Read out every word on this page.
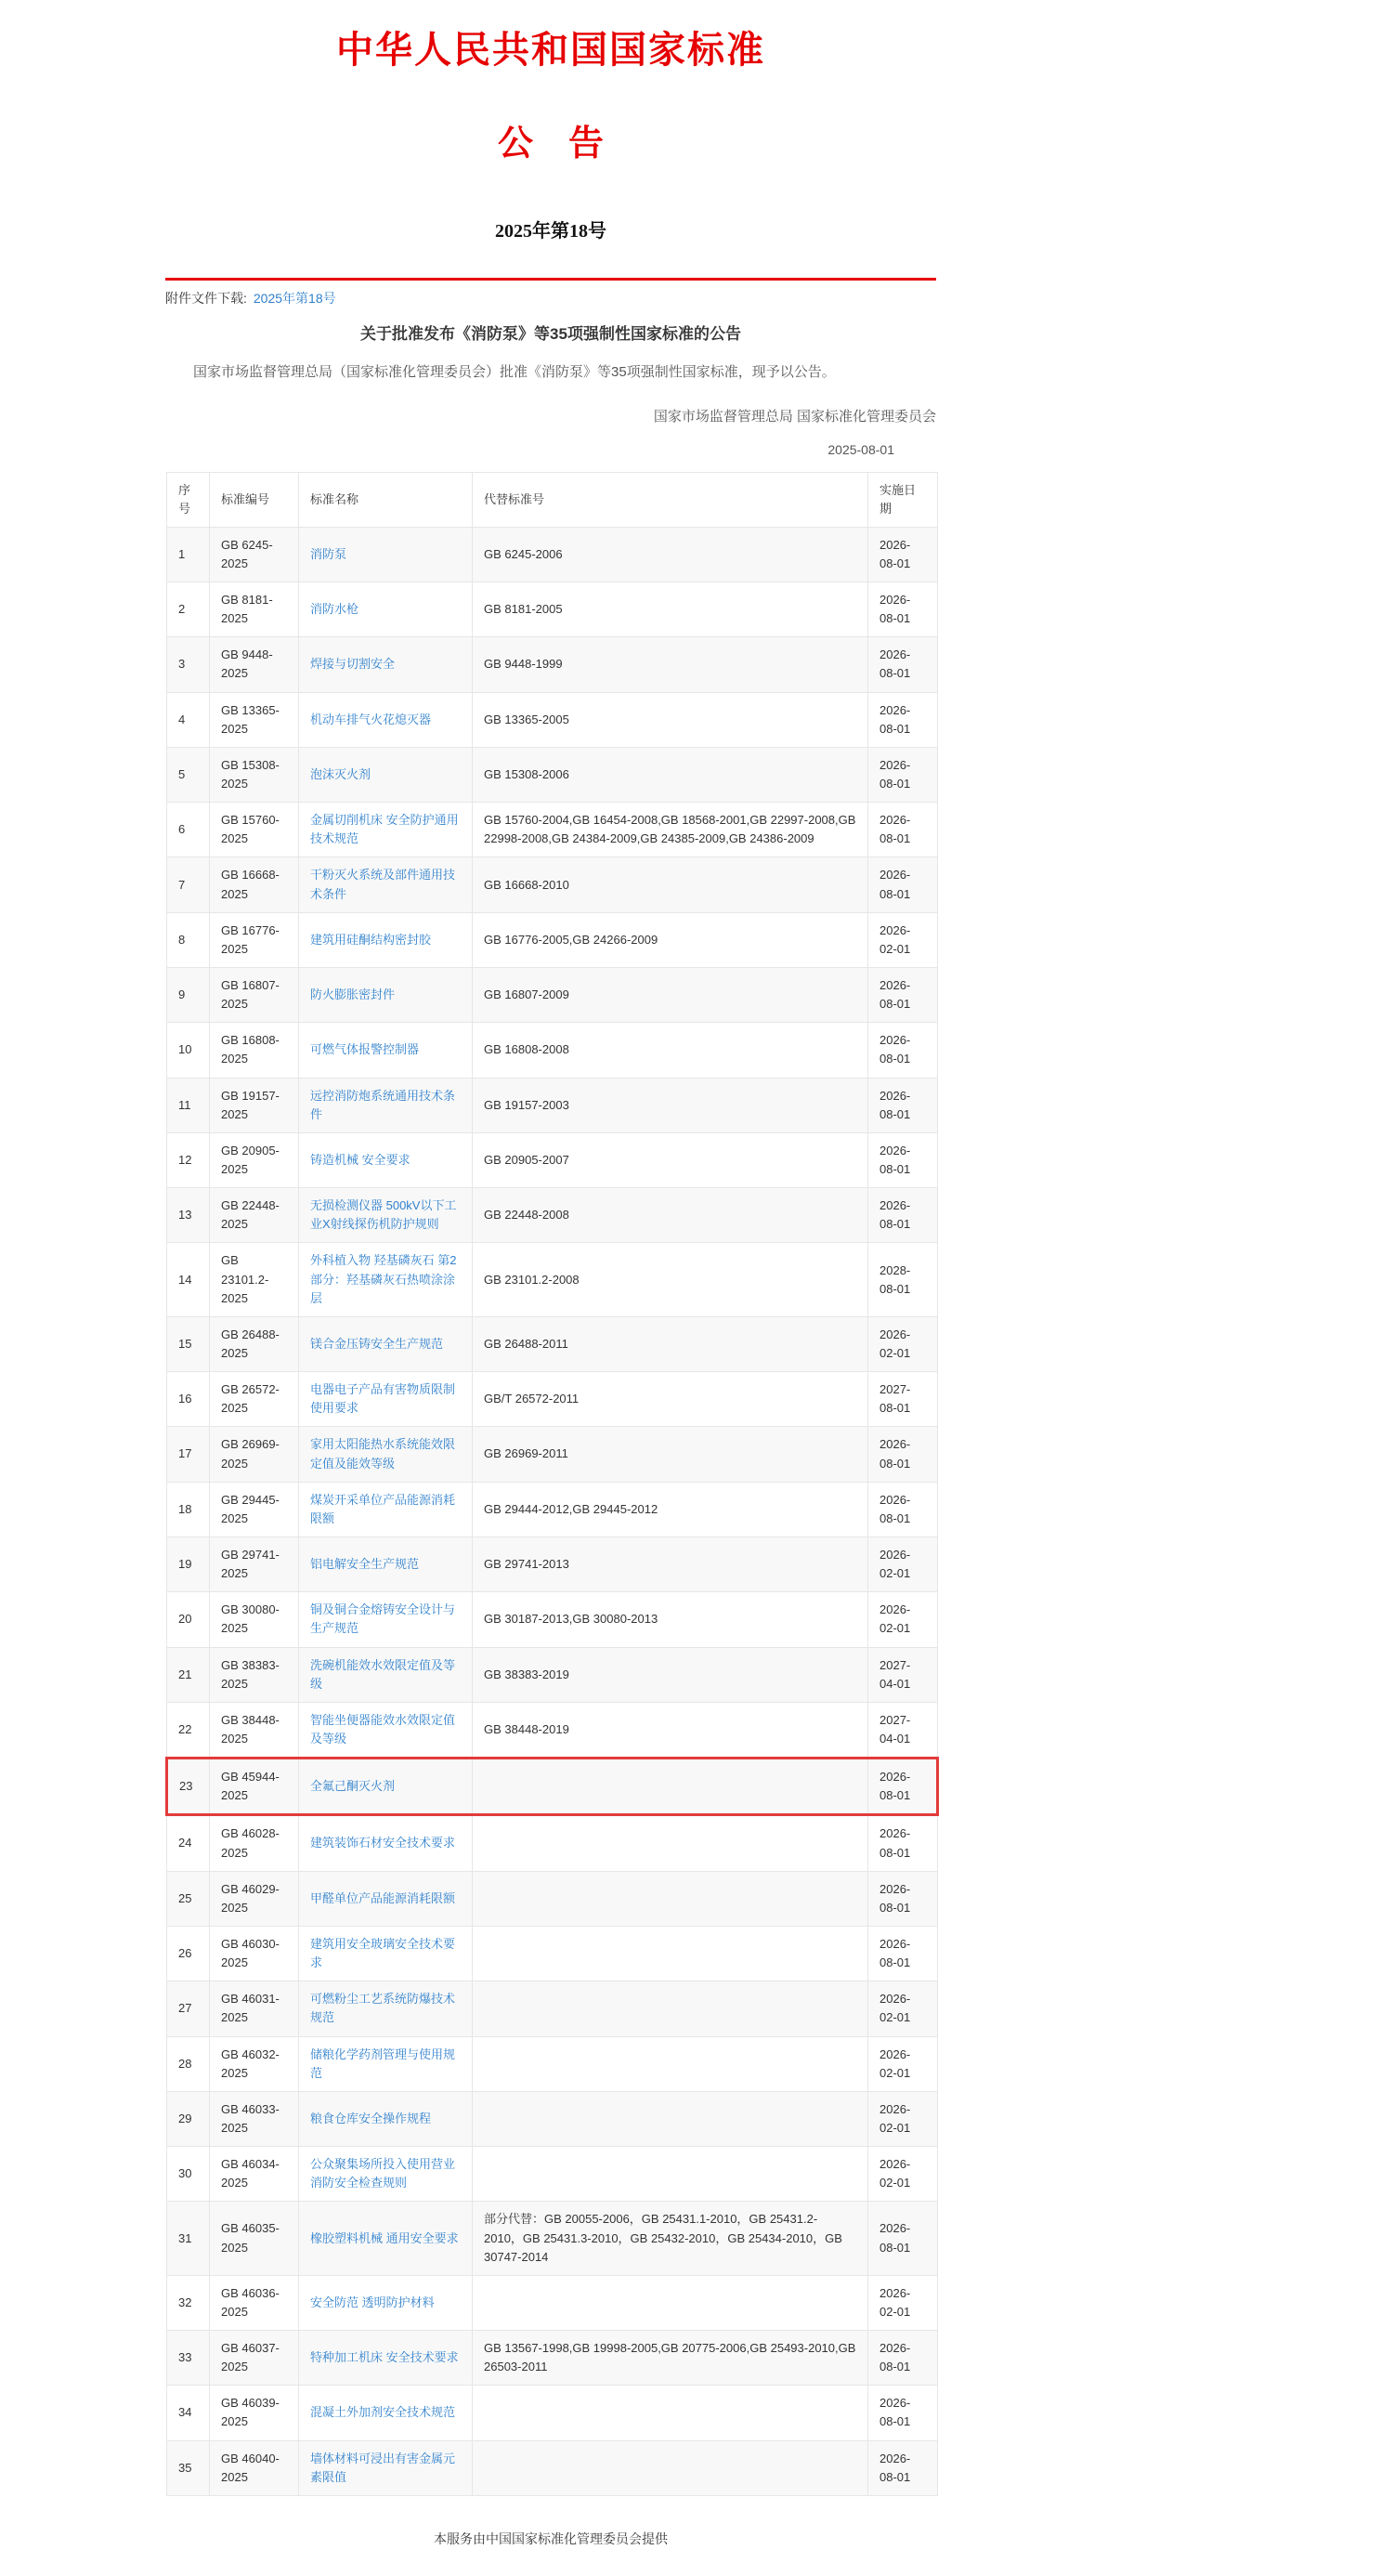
中华人民共和国国家标准
公　告
2025年第18号
附件文件下载: 2025年第18号
关于批准发布《消防泵》等35项强制性国家标准的公告

国家市场监督管理总局（国家标准化管理委员会）批准《消防泵》等35项强制性国家标准，现予以公告。

国家市场监督管理总局 国家标准化管理委员会
2025-08-01
序号	标准编号	标准名称	代替标准号	实施日期
1	GB 6245-2025	消防泵	GB 6245-2006	2026-08-01
2	GB 8181-2025	消防水枪	GB 8181-2005	2026-08-01
3	GB 9448-2025	焊接与切割安全	GB 9448-1999	2026-08-01
4	GB 13365-2025	机动车排气火花熄灭器	GB 13365-2005	2026-08-01
5	GB 15308-2025	泡沫灭火剂	GB 15308-2006	2026-08-01
6	GB 15760-2025	金属切削机床 安全防护通用技术规范	GB 15760-2004,GB 16454-2008,GB 18568-2001,GB 22997-2008,GB 22998-2008,GB 24384-2009,GB 24385-2009,GB 24386-2009	2026-08-01
7	GB 16668-2025	干粉灭火系统及部件通用技术条件	GB 16668-2010	2026-08-01
8	GB 16776-2025	建筑用硅酮结构密封胶	GB 16776-2005,GB 24266-2009	2026-02-01
9	GB 16807-2025	防火膨胀密封件	GB 16807-2009	2026-08-01
10	GB 16808-2025	可燃气体报警控制器	GB 16808-2008	2026-08-01
11	GB 19157-2025	远控消防炮系统通用技术条件	GB 19157-2003	2026-08-01
12	GB 20905-2025	铸造机械 安全要求	GB 20905-2007	2026-08-01
13	GB 22448-2025	无损检测仪器 500kV以下工业X射线探伤机防护规则	GB 22448-2008	2026-08-01
14	GB 23101.2-2025	外科植入物 羟基磷灰石 第2部分：羟基磷灰石热喷涂涂层	GB 23101.2-2008	2028-08-01
15	GB 26488-2025	镁合金压铸安全生产规范	GB 26488-2011	2026-02-01
16	GB 26572-2025	电器电子产品有害物质限制使用要求	GB/T 26572-2011	2027-08-01
17	GB 26969-2025	家用太阳能热水系统能效限定值及能效等级	GB 26969-2011	2026-08-01
18	GB 29445-2025	煤炭开采单位产品能源消耗限额	GB 29444-2012,GB 29445-2012	2026-08-01
19	GB 29741-2025	铝电解安全生产规范	GB 29741-2013	2026-02-01
20	GB 30080-2025	铜及铜合金熔铸安全设计与生产规范	GB 30187-2013,GB 30080-2013	2026-02-01
21	GB 38383-2025	洗碗机能效水效限定值及等级	GB 38383-2019	2027-04-01
22	GB 38448-2025	智能坐便器能效水效限定值及等级	GB 38448-2019	2027-04-01
23	GB 45944-2025	全氟己酮灭火剂		2026-08-01
24	GB 46028-2025	建筑装饰石材安全技术要求		2026-08-01
25	GB 46029-2025	甲醛单位产品能源消耗限额		2026-08-01
26	GB 46030-2025	建筑用安全玻璃安全技术要求		2026-08-01
27	GB 46031-2025	可燃粉尘工艺系统防爆技术规范		2026-02-01
28	GB 46032-2025	储粮化学药剂管理与使用规范		2026-02-01
29	GB 46033-2025	粮食仓库安全操作规程		2026-02-01
30	GB 46034-2025	公众聚集场所投入使用营业消防安全检查规则		2026-02-01
31	GB 46035-2025	橡胶塑料机械 通用安全要求	部分代替：GB 20055-2006，GB 25431.1-2010，GB 25431.2-2010，GB 25431.3-2010，GB 25432-2010，GB 25434-2010，GB 30747-2014	2026-08-01
32	GB 46036-2025	安全防范 透明防护材料		2026-02-01
33	GB 46037-2025	特种加工机床 安全技术要求	GB 13567-1998,GB 19998-2005,GB 20775-2006,GB 25493-2010,GB 26503-2011	2026-08-01
34	GB 46039-2025	混凝土外加剂安全技术规范		2026-08-01
35	GB 46040-2025	墙体材料可浸出有害金属元素限值		2026-08-01
本服务由中国国家标准化管理委员会提供
